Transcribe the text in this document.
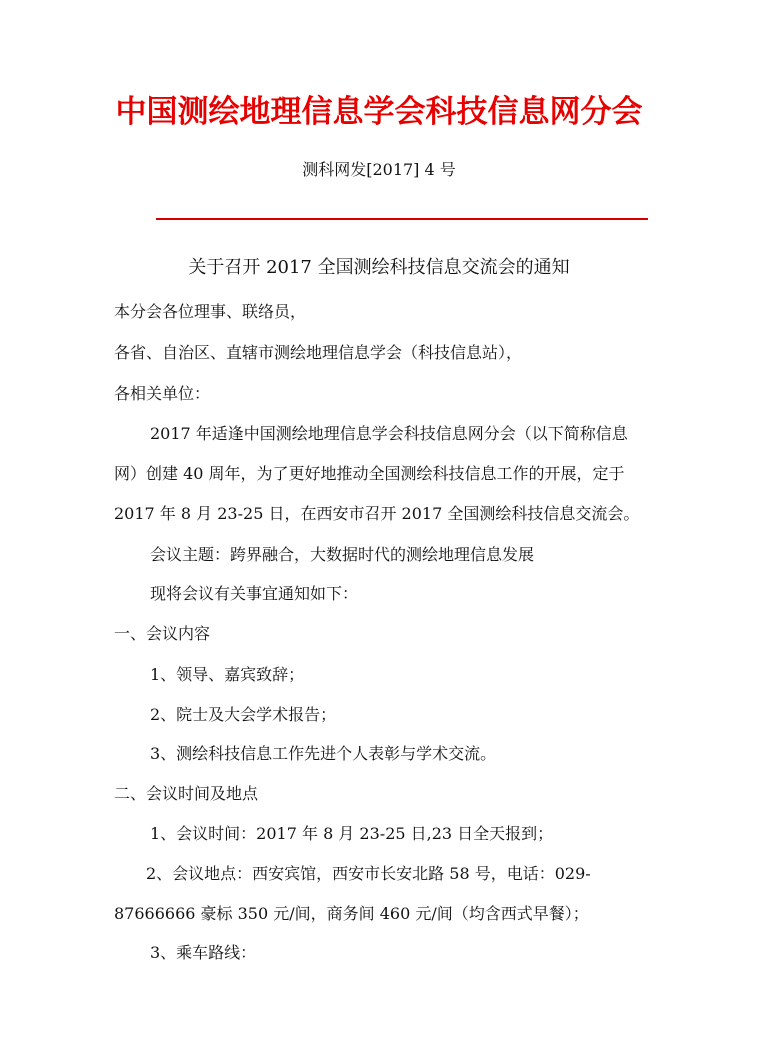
中国测绘地理信息学会科技信息网分会
测科网发[2017] 4 号
关于召开 2017 全国测绘科技信息交流会的通知
本分会各位理事、联络员，
各省、自治区、直辖市测绘地理信息学会（科技信息站），
各相关单位：
2017 年适逢中国测绘地理信息学会科技信息网分会（以下简称信息
网）创建 40 周年，为了更好地推动全国测绘科技信息工作的开展，定于
2017 年 8 月 23-25 日，在西安市召开 2017 全国测绘科技信息交流会。
会议主题：跨界融合，大数据时代的测绘地理信息发展
现将会议有关事宜通知如下：
一、会议内容
1、领导、嘉宾致辞；
2、院士及大会学术报告；
3、测绘科技信息工作先进个人表彰与学术交流。
二、会议时间及地点
1、会议时间：2017 年 8 月 23-25 日,23 日全天报到；
2、会议地点：西安宾馆，西安市长安北路 58 号，电话：029-
87666666 豪标 350 元/间，商务间 460 元/间（均含西式早餐）；
3、乘车路线：
